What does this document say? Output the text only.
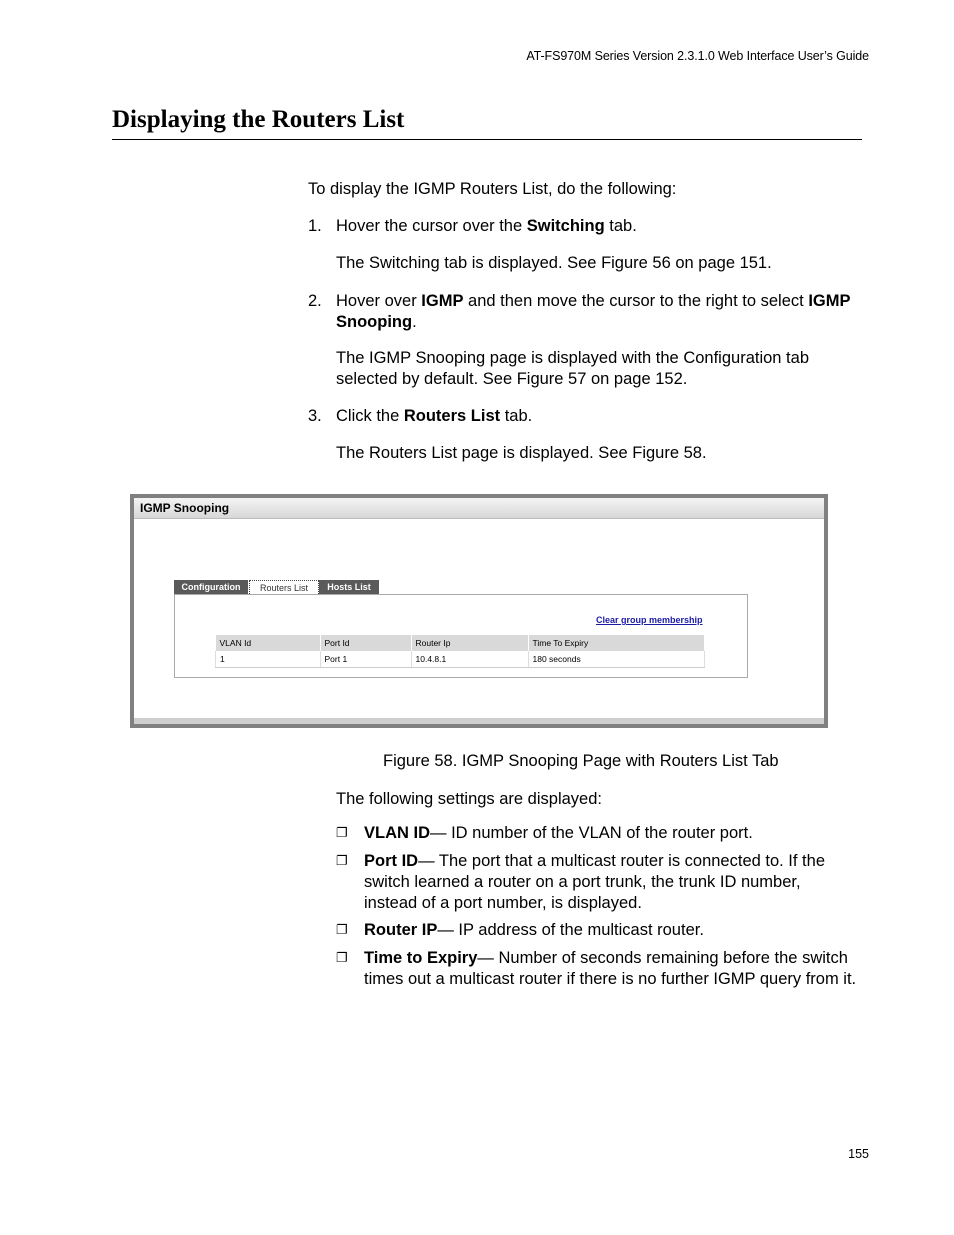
AT-FS970M Series Version 2.3.1.0 Web Interface User’s Guide
Displaying the Routers List
To display the IGMP Routers List, do the following:
1. Hover the cursor over the Switching tab.
The Switching tab is displayed. See Figure 56 on page 151.
2. Hover over IGMP and then move the cursor to the right to select IGMP Snooping.
The IGMP Snooping page is displayed with the Configuration tab selected by default. See Figure 57 on page 152.
3. Click the Routers List tab.
The Routers List page is displayed. See Figure 58.
IGMP Snooping
Configuration	Routers List	Hosts List
Clear group membership
VLAN Id	Port Id	Router Ip	Time To Expiry
1	Port 1	10.4.8.1	180 seconds
Figure 58. IGMP Snooping Page with Routers List Tab
The following settings are displayed:
❐ VLAN ID— ID number of the VLAN of the router port.
❐ Port ID— The port that a multicast router is connected to. If the switch learned a router on a port trunk, the trunk ID number, instead of a port number, is displayed.
❐ Router IP— IP address of the multicast router.
❐ Time to Expiry— Number of seconds remaining before the switch times out a multicast router if there is no further IGMP query from it.
155
